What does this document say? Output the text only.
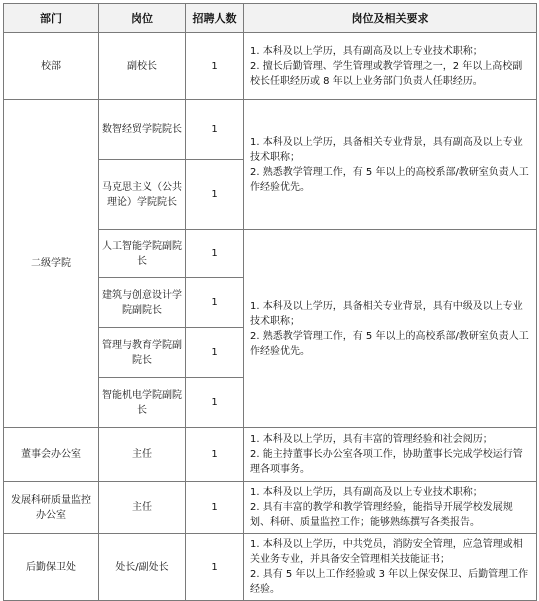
部门	岗位	招聘人数	岗位及相关要求
校部	副校长	1	1. 本科及以上学历，具有副高及以上专业技术职称；
2. 擅长后勤管理、学生管理或教学管理之一，2 年以上高校副校长任职经历或 8 年以上业务部门负责人任职经历。

二级学院	数智经贸学院院长	1	1. 本科及以上学历，具备相关专业背景，具有副高及以上专业技术职称；
2. 熟悉教学管理工作，有 5 年以上的高校系部/教研室负责人工作经验优先。

	马克思主义（公共理论）学院院长	1	
	人工智能学院副院长	1	1. 本科及以上学历，具备相关专业背景，具有中级及以上专业技术职称；
2. 熟悉教学管理工作，有 5 年以上的高校系部/教研室负责人工作经验优先。

	建筑与创意设计学院副院长	1	
	管理与教育学院副院长	1	
	智能机电学院副院长	1	
董事会办公室	主任	1	1. 本科及以上学历，具有丰富的管理经验和社会阅历；
2. 能主持董事长办公室各项工作，协助董事长完成学校运行管理各项事务。

发展科研质量监控办公室	主任	1	1. 本科及以上学历，具有副高及以上专业技术职称；
2. 具有丰富的教学和教学管理经验，能指导开展学校发展规划、科研、质量监控工作；能够熟练撰写各类报告。

后勤保卫处	处长/副处长	1	1. 本科及以上学历，中共党员，消防安全管理，应急管理或相关业务专业，并具备安全管理相关技能证书；
2. 具有 5 年以上工作经验或 3 年以上保安保卫、后勤管理工作经验。
